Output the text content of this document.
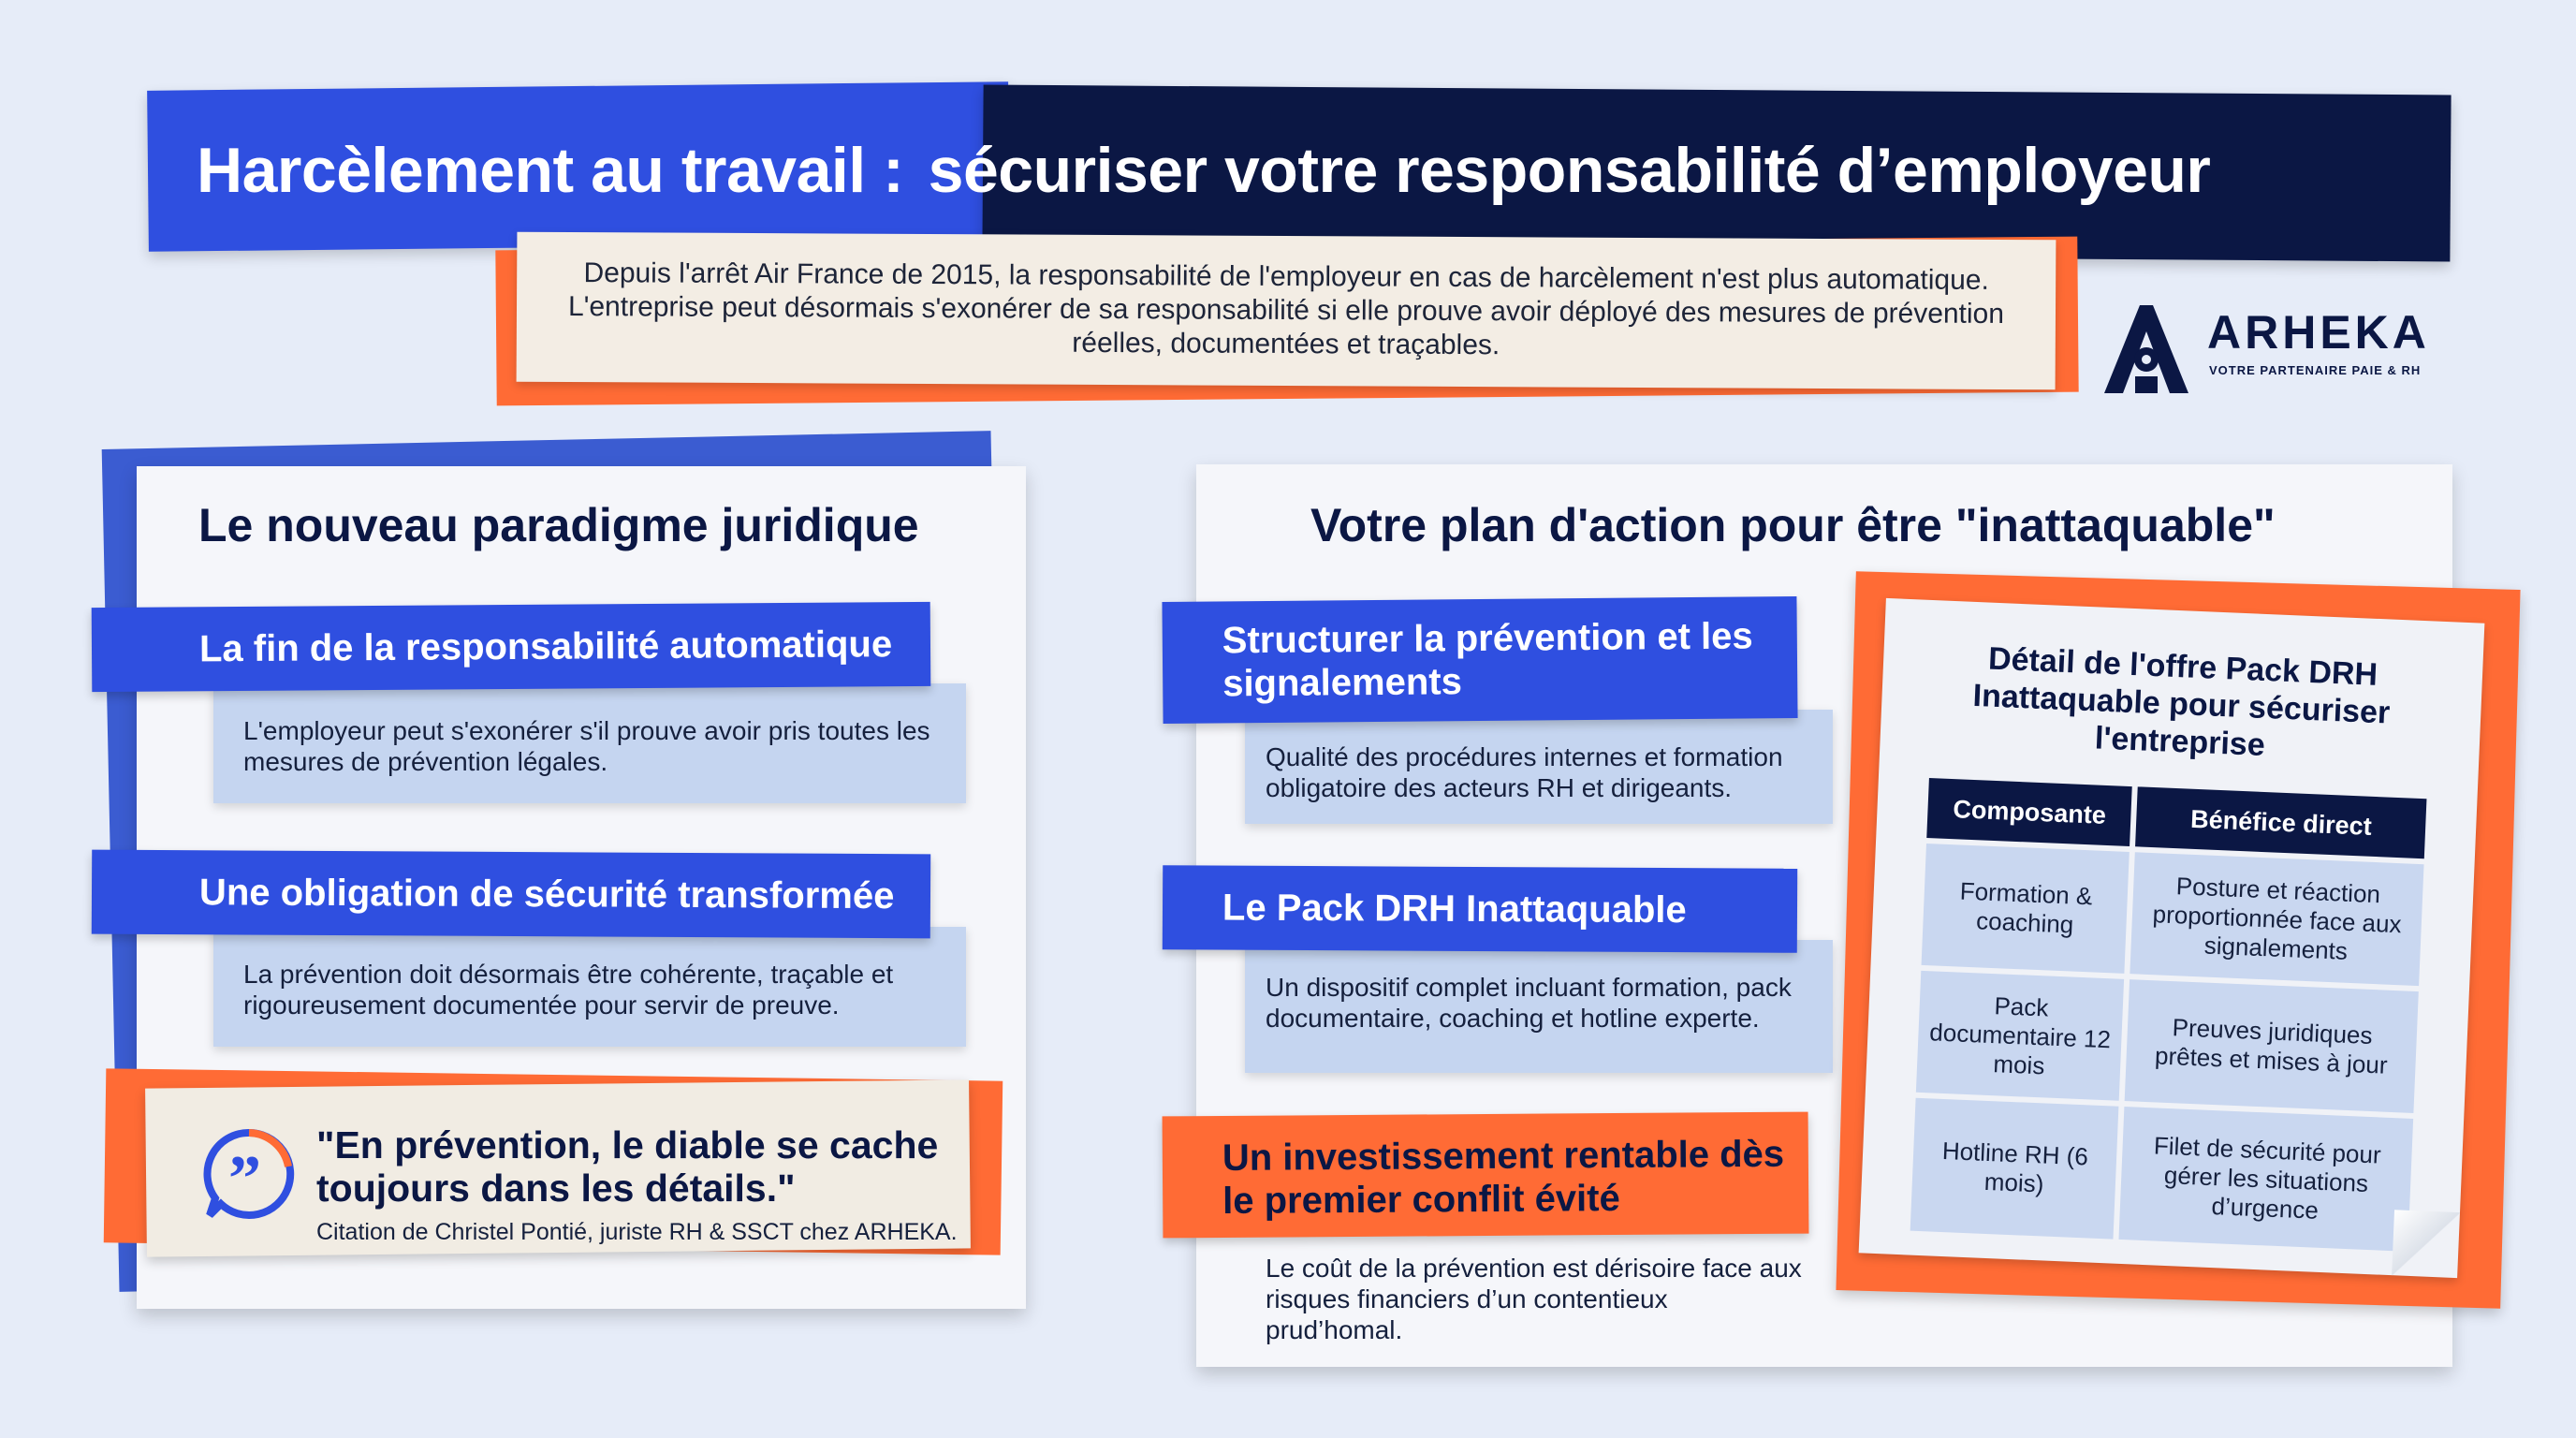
Harcèlement au travail : sécuriser votre responsabilité d’employeur
Depuis l'arrêt Air France de 2015, la responsabilité de l'employeur en cas de harcèlement n'est plus automatique. L'entreprise peut désormais s'exonérer de sa responsabilité si elle prouve avoir déployé des mesures de prévention réelles, documentées et traçables.	ARHEKA
VOTRE PARTENAIRE PAIE & RH
Le nouveau paradigme juridique
L'employeur peut s'exonérer s'il prouve avoir pris toutes les mesures de prévention légales.
La fin de la responsabilité automatique
La prévention doit désormais être cohérente, traçable et rigoureusement documentée pour servir de preuve.
Une obligation de sécurité transformée
” "En prévention, le diable se cache toujours dans les détails."
Citation de Christel Pontié, juriste RH & SSCT chez ARHEKA.
Votre plan d'action pour être "inattaquable"
Qualité des procédures internes et formation obligatoire des acteurs RH et dirigeants.
Structurer la prévention et les signalements
Un dispositif complet incluant formation, pack documentaire, coaching et hotline experte.
Le Pack DRH Inattaquable
Un investissement rentable dès le premier conflit évité
Le coût de la prévention est dérisoire face aux risques financiers d’un contentieux prud’homal.
Détail de l'offre Pack DRH Inattaquable pour sécuriser l'entreprise
Composante	Bénéfice direct
Formation & coaching	Posture et réaction proportionnée face aux signalements
Pack documentaire 12 mois	Preuves juridiques prêtes et mises à jour
Hotline RH (6 mois)	Filet de sécurité pour gérer les situations d’urgence
